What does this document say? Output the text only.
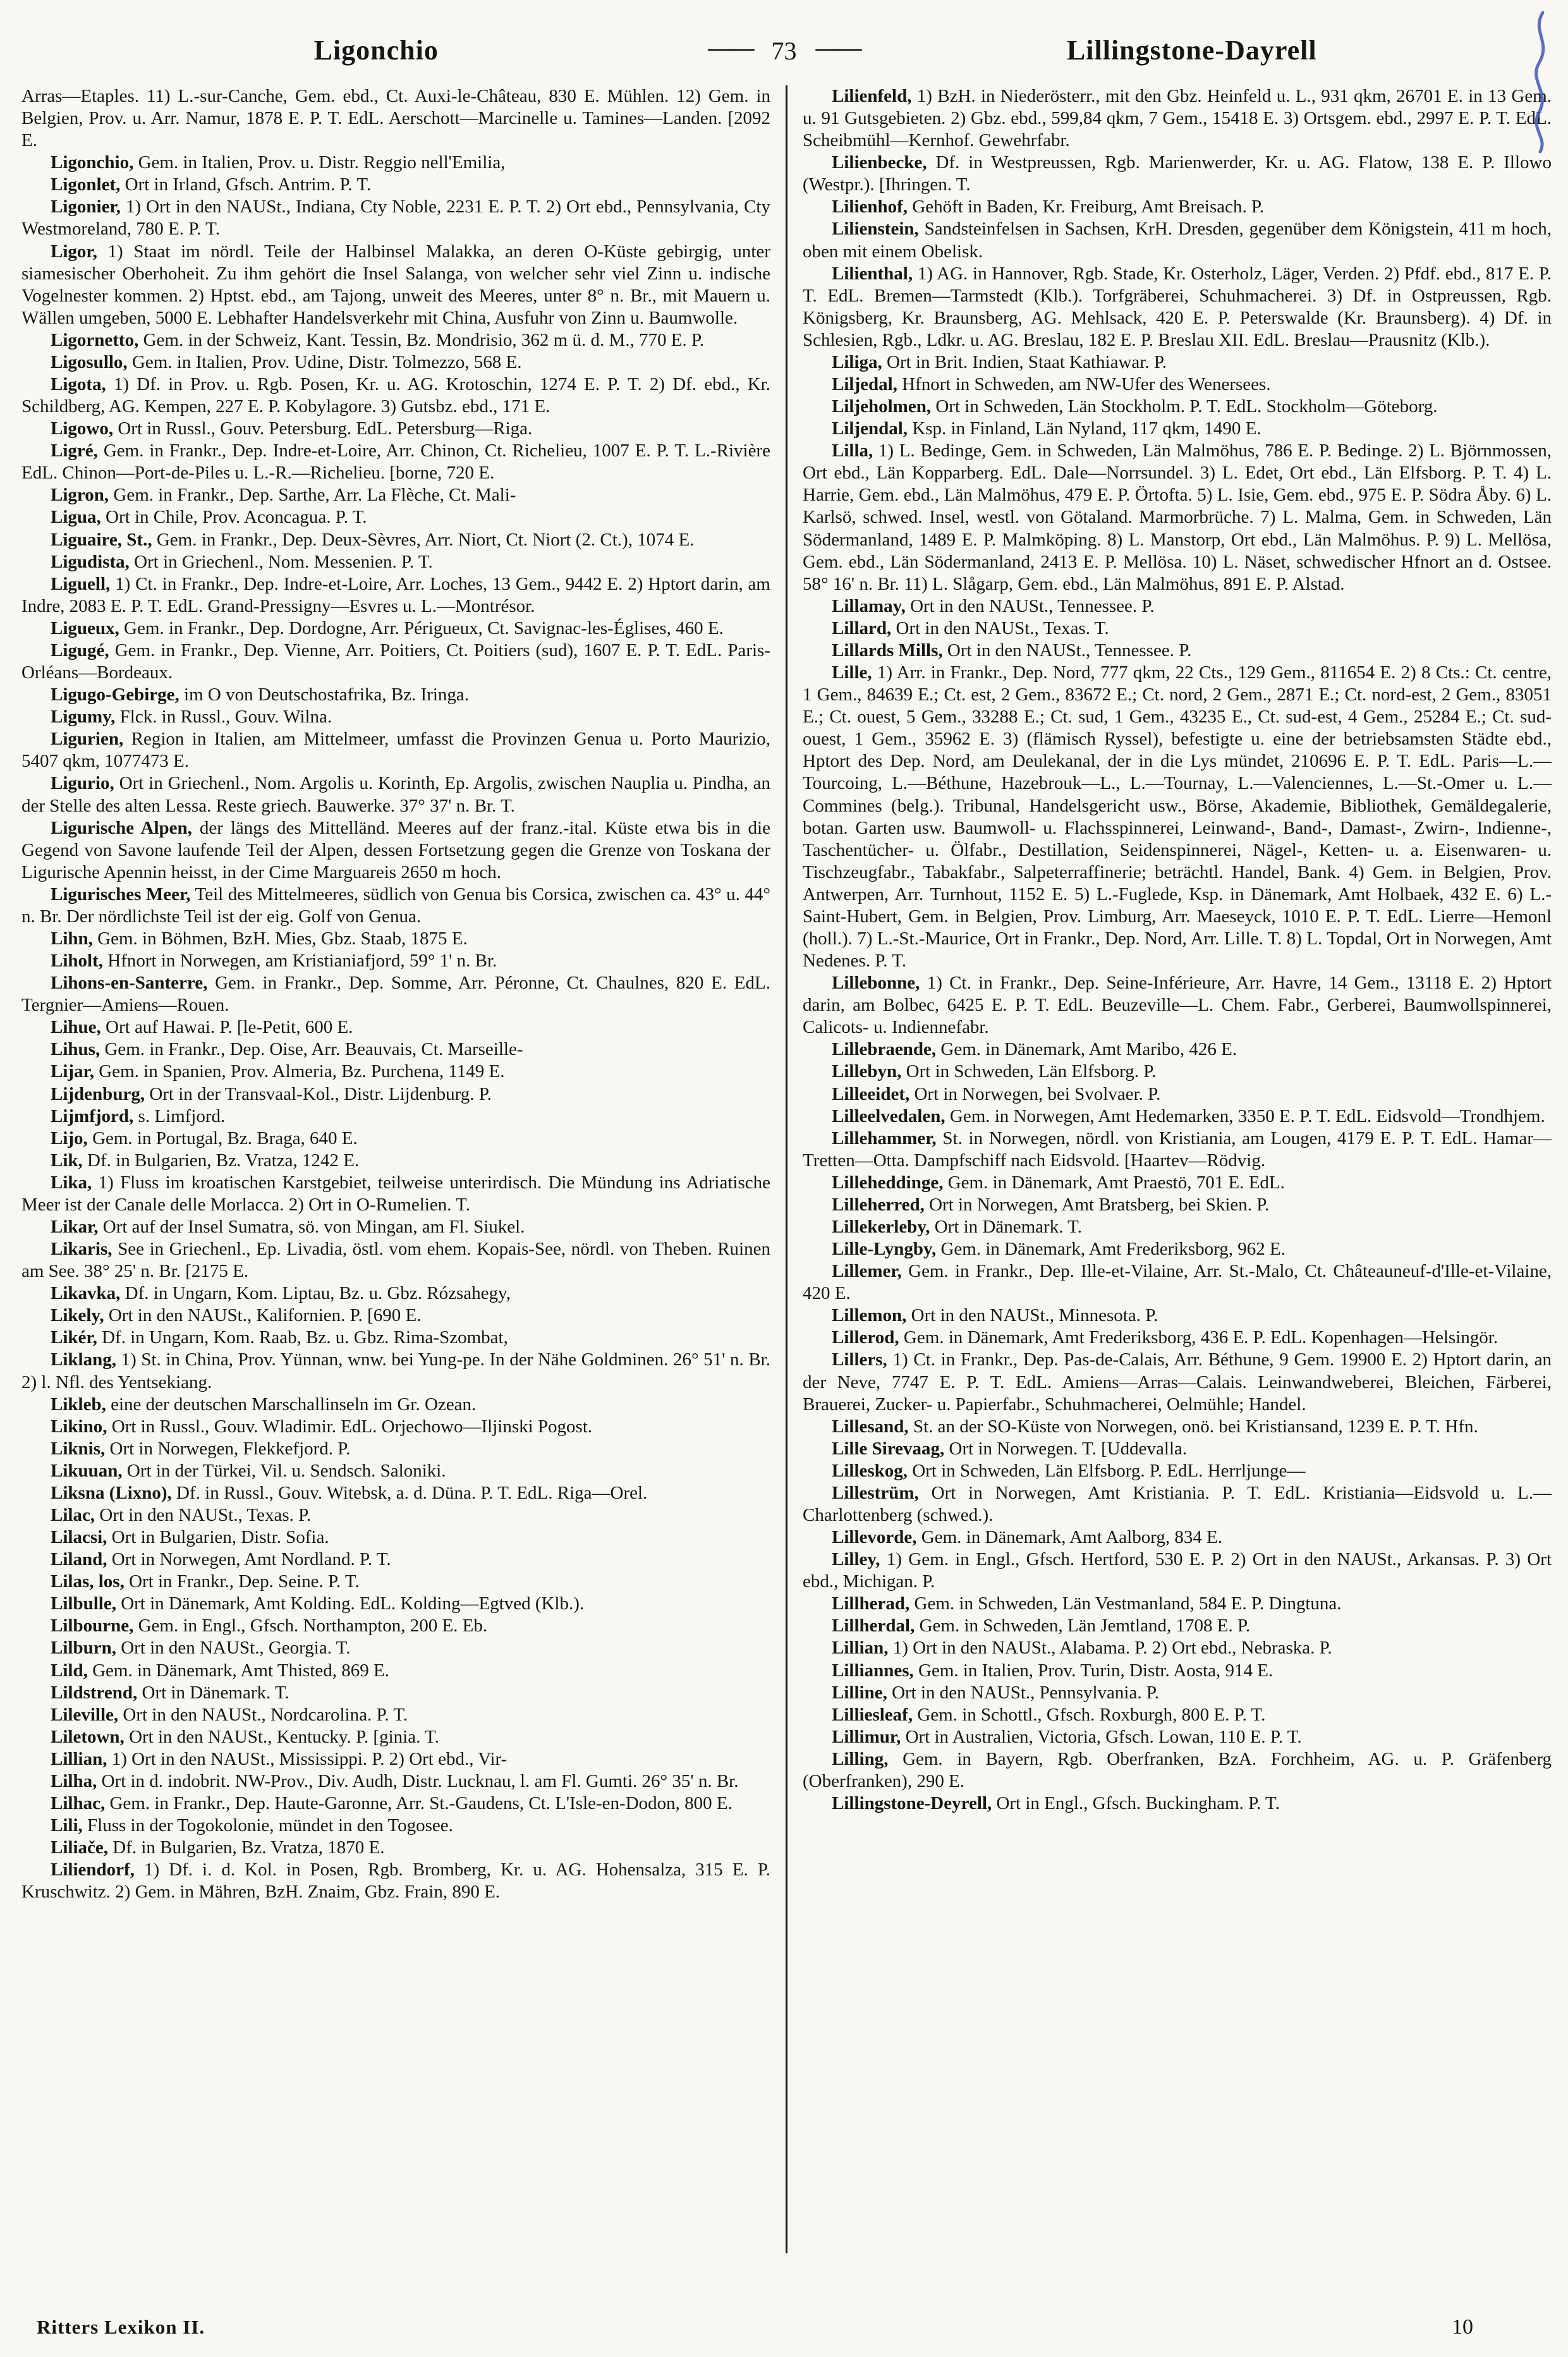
Ligonchio	—— 73 ——	Lillingstone-Dayrell

Arras—Etaples. 11) L.-sur-Canche, Gem. ebd., Ct. Auxi-le-Château, 830 E. Mühlen. 12) Gem. in Belgien, Prov. u. Arr. Namur, 1878 E. P. T. EdL. Aerschott—Marcinelle u. Tamines—Landen. [2092 E.

Ligonchio, Gem. in Italien, Prov. u. Distr. Reggio nell'Emilia,

Ligonlet, Ort in Irland, Gfsch. Antrim. P. T.

Ligonier, 1) Ort in den NAUSt., Indiana, Cty Noble, 2231 E. P. T. 2) Ort ebd., Pennsylvania, Cty Westmoreland, 780 E. P. T.

Ligor, 1) Staat im nördl. Teile der Halbinsel Malakka, an deren O-Küste gebirgig, unter siamesischer Oberhoheit. Zu ihm gehört die Insel Salanga, von welcher sehr viel Zinn u. indische Vogelnester kommen. 2) Hptst. ebd., am Tajong, unweit des Meeres, unter 8° n. Br., mit Mauern u. Wällen umgeben, 5000 E. Lebhafter Handelsverkehr mit China, Ausfuhr von Zinn u. Baumwolle.

Ligornetto, Gem. in der Schweiz, Kant. Tessin, Bz. Mondrisio, 362 m ü. d. M., 770 E. P.

Ligosullo, Gem. in Italien, Prov. Udine, Distr. Tolmezzo, 568 E.

Ligota, 1) Df. in Prov. u. Rgb. Posen, Kr. u. AG. Krotoschin, 1274 E. P. T. 2) Df. ebd., Kr. Schildberg, AG. Kempen, 227 E. P. Kobylagore. 3) Gutsbz. ebd., 171 E.

Ligowo, Ort in Russl., Gouv. Petersburg. EdL. Petersburg—Riga.

Ligré, Gem. in Frankr., Dep. Indre-et-Loire, Arr. Chinon, Ct. Richelieu, 1007 E. P. T. L.-Rivière EdL. Chinon—Port-de-Piles u. L.-R.—Richelieu. [borne, 720 E.

Ligron, Gem. in Frankr., Dep. Sarthe, Arr. La Flèche, Ct. Mali-

Ligua, Ort in Chile, Prov. Aconcagua. P. T.

Liguaire, St., Gem. in Frankr., Dep. Deux-Sèvres, Arr. Niort, Ct. Niort (2. Ct.), 1074 E.

Ligudista, Ort in Griechenl., Nom. Messenien. P. T.

Liguell, 1) Ct. in Frankr., Dep. Indre-et-Loire, Arr. Loches, 13 Gem., 9442 E. 2) Hptort darin, am Indre, 2083 E. P. T. EdL. Grand-Pressigny—Esvres u. L.—Montrésor.

Ligueux, Gem. in Frankr., Dep. Dordogne, Arr. Périgueux, Ct. Savignac-les-Églises, 460 E.

Ligugé, Gem. in Frankr., Dep. Vienne, Arr. Poitiers, Ct. Poitiers (sud), 1607 E. P. T. EdL. Paris-Orléans—Bordeaux.

Ligugo-Gebirge, im O von Deutschostafrika, Bz. Iringa.

Ligumy, Flck. in Russl., Gouv. Wilna.

Ligurien, Region in Italien, am Mittelmeer, umfasst die Provinzen Genua u. Porto Maurizio, 5407 qkm, 1077473 E.

Ligurio, Ort in Griechenl., Nom. Argolis u. Korinth, Ep. Argolis, zwischen Nauplia u. Pindha, an der Stelle des alten Lessa. Reste griech. Bauwerke. 37° 37' n. Br. T.

Ligurische Alpen, der längs des Mittelländ. Meeres auf der franz.-ital. Küste etwa bis in die Gegend von Savone laufende Teil der Alpen, dessen Fortsetzung gegen die Grenze von Toskana der Ligurische Apennin heisst, in der Cime Marguareis 2650 m hoch.

Ligurisches Meer, Teil des Mittelmeeres, südlich von Genua bis Corsica, zwischen ca. 43° u. 44° n. Br. Der nördlichste Teil ist der eig. Golf von Genua.

Lihn, Gem. in Böhmen, BzH. Mies, Gbz. Staab, 1875 E.

Liholt, Hfnort in Norwegen, am Kristianiafjord, 59° 1' n. Br.

Lihons-en-Santerre, Gem. in Frankr., Dep. Somme, Arr. Péronne, Ct. Chaulnes, 820 E. EdL. Tergnier—Amiens—Rouen.

Lihue, Ort auf Hawai. P. [le-Petit, 600 E.

Lihus, Gem. in Frankr., Dep. Oise, Arr. Beauvais, Ct. Marseille-

Lijar, Gem. in Spanien, Prov. Almeria, Bz. Purchena, 1149 E.

Lijdenburg, Ort in der Transvaal-Kol., Distr. Lijdenburg. P.

Lijmfjord, s. Limfjord.

Lijo, Gem. in Portugal, Bz. Braga, 640 E.

Lik, Df. in Bulgarien, Bz. Vratza, 1242 E.

Lika, 1) Fluss im kroatischen Karstgebiet, teilweise unterirdisch. Die Mündung ins Adriatische Meer ist der Canale delle Morlacca. 2) Ort in O-Rumelien. T.

Likar, Ort auf der Insel Sumatra, sö. von Mingan, am Fl. Siukel.

Likaris, See in Griechenl., Ep. Livadia, östl. vom ehem. Kopais-See, nördl. von Theben. Ruinen am See. 38° 25' n. Br. [2175 E.

Likavka, Df. in Ungarn, Kom. Liptau, Bz. u. Gbz. Rózsahegy,

Likely, Ort in den NAUSt., Kalifornien. P. [690 E.

Likér, Df. in Ungarn, Kom. Raab, Bz. u. Gbz. Rima-Szombat,

Liklang, 1) St. in China, Prov. Yünnan, wnw. bei Yung-pe. In der Nähe Goldminen. 26° 51' n. Br. 2) l. Nfl. des Yentsekiang.

Likleb, eine der deutschen Marschallinseln im Gr. Ozean.

Likino, Ort in Russl., Gouv. Wladimir. EdL. Orjechowo—Iljinski Pogost.

Liknis, Ort in Norwegen, Flekkefjord. P.

Likuuan, Ort in der Türkei, Vil. u. Sendsch. Saloniki.

Liksna (Lixno), Df. in Russl., Gouv. Witebsk, a. d. Düna. P. T. EdL. Riga—Orel.

Lilac, Ort in den NAUSt., Texas. P.

Lilacsi, Ort in Bulgarien, Distr. Sofia.

Liland, Ort in Norwegen, Amt Nordland. P. T.

Lilas, los, Ort in Frankr., Dep. Seine. P. T.

Lilbulle, Ort in Dänemark, Amt Kolding. EdL. Kolding—Egtved (Klb.).

Lilbourne, Gem. in Engl., Gfsch. Northampton, 200 E. Eb.

Lilburn, Ort in den NAUSt., Georgia. T.

Lild, Gem. in Dänemark, Amt Thisted, 869 E.

Lildstrend, Ort in Dänemark. T.

Lileville, Ort in den NAUSt., Nordcarolina. P. T.

Liletown, Ort in den NAUSt., Kentucky. P. [ginia. T.

Lillian, 1) Ort in den NAUSt., Mississippi. P. 2) Ort ebd., Vir-

Lilha, Ort in d. indobrit. NW-Prov., Div. Audh, Distr. Lucknau, l. am Fl. Gumti. 26° 35' n. Br.

Lilhac, Gem. in Frankr., Dep. Haute-Garonne, Arr. St.-Gaudens, Ct. L'Isle-en-Dodon, 800 E.

Lili, Fluss in der Togokolonie, mündet in den Togosee.

Liliače, Df. in Bulgarien, Bz. Vratza, 1870 E.

Liliendorf, 1) Df. i. d. Kol. in Posen, Rgb. Bromberg, Kr. u. AG. Hohensalza, 315 E. P. Kruschwitz. 2) Gem. in Mähren, BzH. Znaim, Gbz. Frain, 890 E.

Lilienfeld, 1) BzH. in Niederösterr., mit den Gbz. Heinfeld u. L., 931 qkm, 26701 E. in 13 Gem. u. 91 Gutsgebieten. 2) Gbz. ebd., 599,84 qkm, 7 Gem., 15418 E. 3) Ortsgem. ebd., 2997 E. P. T. EdL. Scheibmühl—Kernhof. Gewehrfabr.

Lilienbecke, Df. in Westpreussen, Rgb. Marienwerder, Kr. u. AG. Flatow, 138 E. P. Illowo (Westpr.). [Ihringen. T.

Lilienhof, Gehöft in Baden, Kr. Freiburg, Amt Breisach. P.

Lilienstein, Sandsteinfelsen in Sachsen, KrH. Dresden, gegenüber dem Königstein, 411 m hoch, oben mit einem Obelisk.

Lilienthal, 1) AG. in Hannover, Rgb. Stade, Kr. Osterholz, Läger, Verden. 2) Pfdf. ebd., 817 E. P. T. EdL. Bremen—Tarmstedt (Klb.). Torfgräberei, Schuhmacherei. 3) Df. in Ostpreussen, Rgb. Königsberg, Kr. Braunsberg, AG. Mehlsack, 420 E. P. Peterswalde (Kr. Braunsberg). 4) Df. in Schlesien, Rgb., Ldkr. u. AG. Breslau, 182 E. P. Breslau XII. EdL. Breslau—Prausnitz (Klb.).

Liliga, Ort in Brit. Indien, Staat Kathiawar. P.

Liljedal, Hfnort in Schweden, am NW-Ufer des Wenersees.

Liljeholmen, Ort in Schweden, Län Stockholm. P. T. EdL. Stockholm—Göteborg.

Liljendal, Ksp. in Finland, Län Nyland, 117 qkm, 1490 E.

Lilla, 1) L. Bedinge, Gem. in Schweden, Län Malmöhus, 786 E. P. Bedinge. 2) L. Björnmossen, Ort ebd., Län Kopparberg. EdL. Dale—Norrsundel. 3) L. Edet, Ort ebd., Län Elfsborg. P. T. 4) L. Harrie, Gem. ebd., Län Malmöhus, 479 E. P. Örtofta. 5) L. Isie, Gem. ebd., 975 E. P. Södra Åby. 6) L. Karlsö, schwed. Insel, westl. von Götaland. Marmorbrüche. 7) L. Malma, Gem. in Schweden, Län Södermanland, 1489 E. P. Malmköping. 8) L. Manstorp, Ort ebd., Län Malmöhus. P. 9) L. Mellösa, Gem. ebd., Län Södermanland, 2413 E. P. Mellösa. 10) L. Näset, schwedischer Hfnort an d. Ostsee. 58° 16' n. Br. 11) L. Slågarp, Gem. ebd., Län Malmöhus, 891 E. P. Alstad.

Lillamay, Ort in den NAUSt., Tennessee. P.

Lillard, Ort in den NAUSt., Texas. T.

Lillards Mills, Ort in den NAUSt., Tennessee. P.

Lille, 1) Arr. in Frankr., Dep. Nord, 777 qkm, 22 Cts., 129 Gem., 811654 E. 2) 8 Cts.: Ct. centre, 1 Gem., 84639 E.; Ct. est, 2 Gem., 83672 E.; Ct. nord, 2 Gem., 2871 E.; Ct. nord-est, 2 Gem., 83051 E.; Ct. ouest, 5 Gem., 33288 E.; Ct. sud, 1 Gem., 43235 E., Ct. sud-est, 4 Gem., 25284 E.; Ct. sud-ouest, 1 Gem., 35962 E. 3) (flämisch Ryssel), befestigte u. eine der betriebsamsten Städte ebd., Hptort des Dep. Nord, am Deulekanal, der in die Lys mündet, 210696 E. P. T. EdL. Paris—L.—Tourcoing, L.—Béthune, Hazebrouk—L., L.—Tournay, L.—Valenciennes, L.—St.-Omer u. L.—Commines (belg.). Tribunal, Handelsgericht usw., Börse, Akademie, Bibliothek, Gemäldegalerie, botan. Garten usw. Baumwoll- u. Flachsspinnerei, Leinwand-, Band-, Damast-, Zwirn-, Indienne-, Taschentücher- u. Ölfabr., Destillation, Seidenspinnerei, Nägel-, Ketten- u. a. Eisenwaren- u. Tischzeugfabr., Tabakfabr., Salpeterraffinerie; beträchtl. Handel, Bank. 4) Gem. in Belgien, Prov. Antwerpen, Arr. Turnhout, 1152 E. 5) L.-Fuglede, Ksp. in Dänemark, Amt Holbaek, 432 E. 6) L.-Saint-Hubert, Gem. in Belgien, Prov. Limburg, Arr. Maeseyck, 1010 E. P. T. EdL. Lierre—Hemonl (holl.). 7) L.-St.-Maurice, Ort in Frankr., Dep. Nord, Arr. Lille. T. 8) L. Topdal, Ort in Norwegen, Amt Nedenes. P. T.

Lillebonne, 1) Ct. in Frankr., Dep. Seine-Inférieure, Arr. Havre, 14 Gem., 13118 E. 2) Hptort darin, am Bolbec, 6425 E. P. T. EdL. Beuzeville—L. Chem. Fabr., Gerberei, Baumwollspinnerei, Calicots- u. Indiennefabr.

Lillebraende, Gem. in Dänemark, Amt Maribo, 426 E.

Lillebyn, Ort in Schweden, Län Elfsborg. P.

Lilleeidet, Ort in Norwegen, bei Svolvaer. P.

Lilleelvedalen, Gem. in Norwegen, Amt Hedemarken, 3350 E. P. T. EdL. Eidsvold—Trondhjem.

Lillehammer, St. in Norwegen, nördl. von Kristiania, am Lougen, 4179 E. P. T. EdL. Hamar—Tretten—Otta. Dampfschiff nach Eidsvold. [Haartev—Rödvig.

Lilleheddinge, Gem. in Dänemark, Amt Praestö, 701 E. EdL.

Lilleherred, Ort in Norwegen, Amt Bratsberg, bei Skien. P.

Lillekerleby, Ort in Dänemark. T.

Lille-Lyngby, Gem. in Dänemark, Amt Frederiksborg, 962 E.

Lillemer, Gem. in Frankr., Dep. Ille-et-Vilaine, Arr. St.-Malo, Ct. Châteauneuf-d'Ille-et-Vilaine, 420 E.

Lillemon, Ort in den NAUSt., Minnesota. P.

Lillerod, Gem. in Dänemark, Amt Frederiksborg, 436 E. P. EdL. Kopenhagen—Helsingör.

Lillers, 1) Ct. in Frankr., Dep. Pas-de-Calais, Arr. Béthune, 9 Gem. 19900 E. 2) Hptort darin, an der Neve, 7747 E. P. T. EdL. Amiens—Arras—Calais. Leinwandweberei, Bleichen, Färberei, Brauerei, Zucker- u. Papierfabr., Schuhmacherei, Oelmühle; Handel.

Lillesand, St. an der SO-Küste von Norwegen, onö. bei Kristiansand, 1239 E. P. T. Hfn.

Lille Sirevaag, Ort in Norwegen. T. [Uddevalla.

Lilleskog, Ort in Schweden, Län Elfsborg. P. EdL. Herrljunge—

Lillestrüm, Ort in Norwegen, Amt Kristiania. P. T. EdL. Kristiania—Eidsvold u. L.—Charlottenberg (schwed.).

Lillevorde, Gem. in Dänemark, Amt Aalborg, 834 E.

Lilley, 1) Gem. in Engl., Gfsch. Hertford, 530 E. P. 2) Ort in den NAUSt., Arkansas. P. 3) Ort ebd., Michigan. P.

Lillherad, Gem. in Schweden, Län Vestmanland, 584 E. P. Dingtuna.

Lillherdal, Gem. in Schweden, Län Jemtland, 1708 E. P.

Lillian, 1) Ort in den NAUSt., Alabama. P. 2) Ort ebd., Nebraska. P.

Lilliannes, Gem. in Italien, Prov. Turin, Distr. Aosta, 914 E.

Lilline, Ort in den NAUSt., Pennsylvania. P.

Lilliesleaf, Gem. in Schottl., Gfsch. Roxburgh, 800 E. P. T.

Lillimur, Ort in Australien, Victoria, Gfsch. Lowan, 110 E. P. T.

Lilling, Gem. in Bayern, Rgb. Oberfranken, BzA. Forchheim, AG. u. P. Gräfenberg (Oberfranken), 290 E.

Lillingstone-Deyrell, Ort in Engl., Gfsch. Buckingham. P. T.

Ritters Lexikon II.	10
